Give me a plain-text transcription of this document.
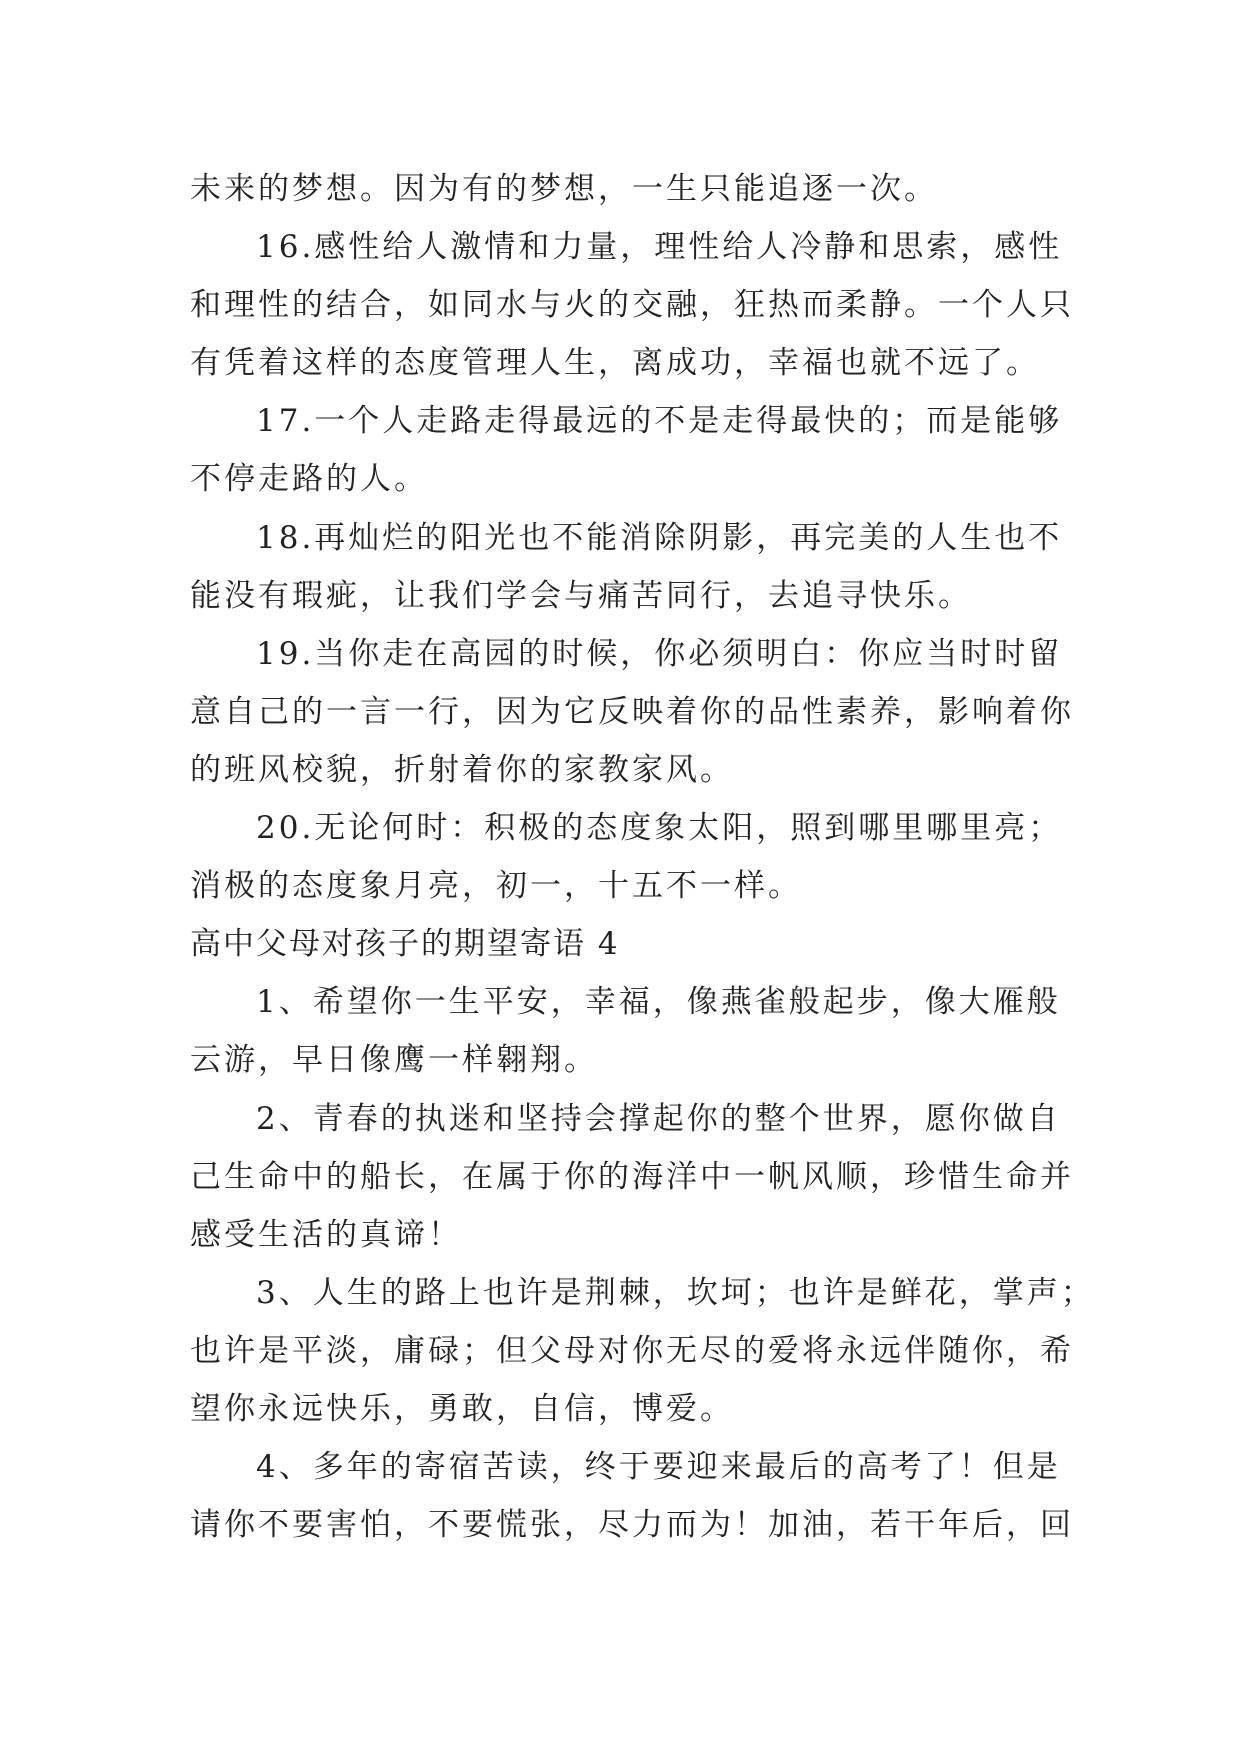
未来的梦想。因为有的梦想，一生只能追逐一次。
16.感性给人激情和力量，理性给人冷静和思索，感性
和理性的结合，如同水与火的交融，狂热而柔静。一个人只
有凭着这样的态度管理人生，离成功，幸福也就不远了。
17.一个人走路走得最远的不是走得最快的；而是能够
不停走路的人。
18.再灿烂的阳光也不能消除阴影，再完美的人生也不
能没有瑕疵，让我们学会与痛苦同行，去追寻快乐。
19.当你走在高园的时候，你必须明白：你应当时时留
意自己的一言一行，因为它反映着你的品性素养，影响着你
的班风校貌，折射着你的家教家风。
20.无论何时：积极的态度象太阳，照到哪里哪里亮；
消极的态度象月亮，初一，十五不一样。
高中父母对孩子的期望寄语 4
1、希望你一生平安，幸福，像燕雀般起步，像大雁般
云游，早日像鹰一样翱翔。
2、青春的执迷和坚持会撑起你的整个世界，愿你做自
己生命中的船长，在属于你的海洋中一帆风顺，珍惜生命并
感受生活的真谛！
3、人生的路上也许是荆棘，坎坷；也许是鲜花，掌声；
也许是平淡，庸碌；但父母对你无尽的爱将永远伴随你，希
望你永远快乐，勇敢，自信，博爱。
4、多年的寄宿苦读，终于要迎来最后的高考了！但是
请你不要害怕，不要慌张，尽力而为！加油，若干年后，回
